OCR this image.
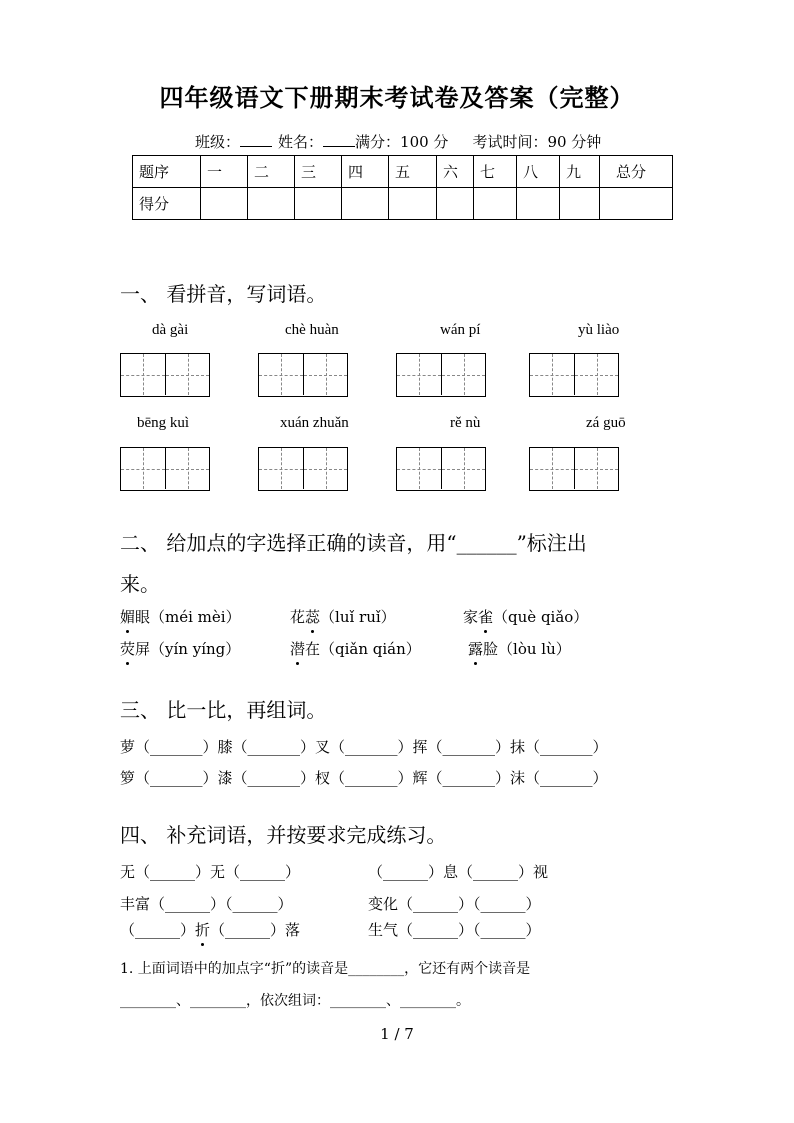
四年级语文下册期末考试卷及答案（完整）
班级：	姓名： 满分：100 分 考试时间：90 分钟
题序	一	二	三	四	五	六	七	八	九	总分
得分										
一、 看拼音，写词语。
dà gài	chè huàn	wán pí	yù liào
bēng kuì	xuán zhuǎn	rě nù	zá guō
二、 给加点的字选择正确的读音，用“______”标注出
来。
媚眼（méi mèi）	花蕊（luǐ ruǐ）	家雀（què qiǎo）
荧屏（yín yíng）	潜在（qiǎn qián）	露脸（lòu lù）
三、 比一比，再组词。
萝（_______）膝（_______）叉（_______）挥（_______）抹（_______）
箩（_______）漆（_______）杈（_______）辉（_______）沫（_______）
四、 补充词语，并按要求完成练习。
无（______）无（______）	（______）息（______）视
丰富（______）（______）	变化（______）（______）
（______）折（______）落	生气（______）（______）
1. 上面词语中的加点字“折”的读音是________，它还有两个读音是
________、________，依次组词：________、________。
1 / 7
